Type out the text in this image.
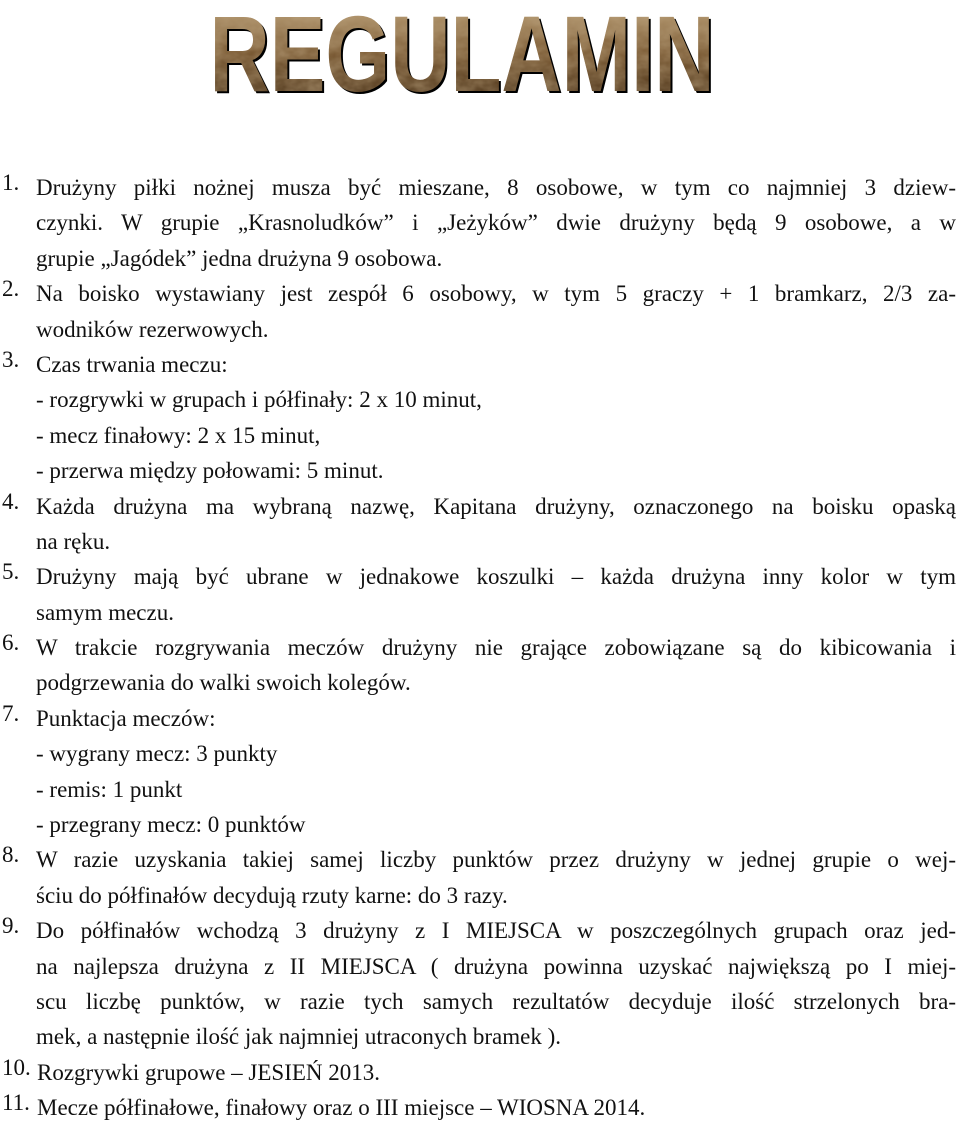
REGULAMIN
REGULAMIN
REGULAMIN
1. Drużyny piłki nożnej musza być mieszane, 8 osobowe, w tym co najmniej 3 dziew-
czynki. W grupie „Krasnoludków” i „Jeżyków” dwie drużyny będą 9 osobowe, a w
grupie „Jagódek” jedna drużyna 9 osobowa.
2. Na boisko wystawiany jest zespół 6 osobowy, w tym 5 graczy + 1 bramkarz, 2/3 za-
wodników rezerwowych.
3. Czas trwania meczu:
- rozgrywki w grupach i półfinały: 2 x 10 minut,
- mecz finałowy: 2 x 15 minut,
- przerwa między połowami: 5 minut.
4. Każda drużyna ma wybraną nazwę, Kapitana drużyny, oznaczonego na boisku opaską
na ręku.
5. Drużyny mają być ubrane w jednakowe koszulki – każda drużyna inny kolor w tym
samym meczu.
6. W trakcie rozgrywania meczów drużyny nie grające zobowiązane są do kibicowania i
podgrzewania do walki swoich kolegów.
7. Punktacja meczów:
- wygrany mecz: 3 punkty
- remis: 1 punkt
- przegrany mecz: 0 punktów
8. W razie uzyskania takiej samej liczby punktów przez drużyny w jednej grupie o wej-
ściu do półfinałów decydują rzuty karne: do 3 razy.
9. Do półfinałów wchodzą 3 drużyny z I MIEJSCA w poszczególnych grupach oraz jed-
na najlepsza drużyna z II MIEJSCA ( drużyna powinna uzyskać największą po I miej-
scu liczbę punktów, w razie tych samych rezultatów decyduje ilość strzelonych bra-
mek, a następnie ilość jak najmniej utraconych bramek ).
10. Rozgrywki grupowe – JESIEŃ 2013.
11. Mecze półfinałowe, finałowy oraz o III miejsce – WIOSNA 2014.
